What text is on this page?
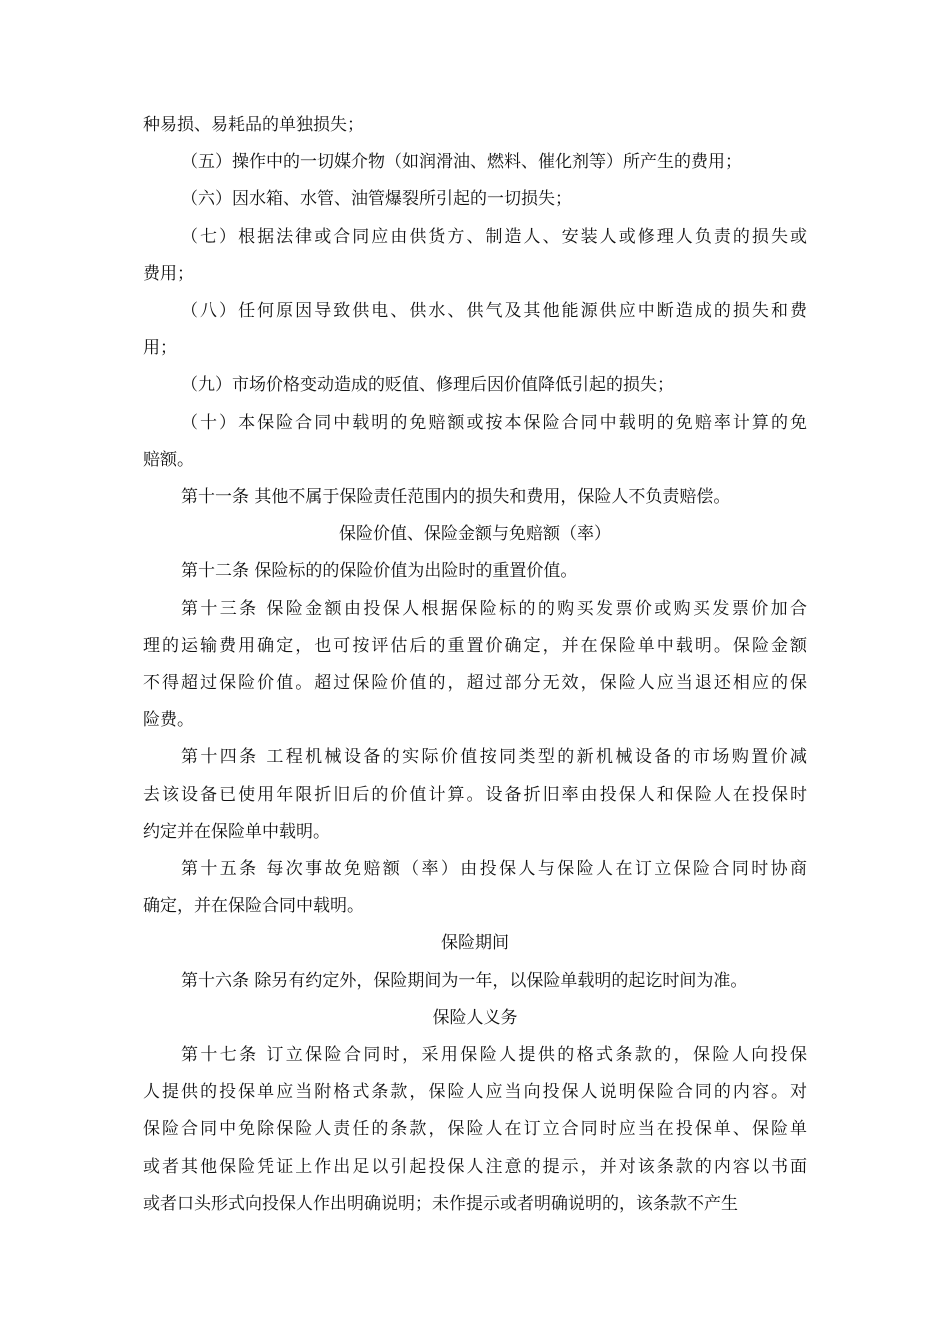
种易损、易耗品的单独损失；
（五）操作中的一切媒介物（如润滑油、燃料、催化剂等）所产生的费用；
（六）因水箱、水管、油管爆裂所引起的一切损失；
（七）根据法律或合同应由供货方、制造人、安装人或修理人负责的损失或
费用；
（八）任何原因导致供电、供水、供气及其他能源供应中断造成的损失和费
用；
（九）市场价格变动造成的贬值、修理后因价值降低引起的损失；
（十）本保险合同中载明的免赔额或按本保险合同中载明的免赔率计算的免
赔额。
第十一条 其他不属于保险责任范围内的损失和费用，保险人不负责赔偿。
保险价值、保险金额与免赔额（率）
第十二条 保险标的的保险价值为出险时的重置价值。
第十三条 保险金额由投保人根据保险标的的购买发票价或购买发票价加合
理的运输费用确定，也可按评估后的重置价确定，并在保险单中载明。保险金额
不得超过保险价值。超过保险价值的，超过部分无效，保险人应当退还相应的保
险费。
第十四条 工程机械设备的实际价值按同类型的新机械设备的市场购置价减
去该设备已使用年限折旧后的价值计算。设备折旧率由投保人和保险人在投保时
约定并在保险单中载明。
第十五条 每次事故免赔额（率）由投保人与保险人在订立保险合同时协商
确定，并在保险合同中载明。
保险期间
第十六条 除另有约定外，保险期间为一年，以保险单载明的起讫时间为准。
保险人义务
第十七条 订立保险合同时，采用保险人提供的格式条款的，保险人向投保
人提供的投保单应当附格式条款，保险人应当向投保人说明保险合同的内容。对
保险合同中免除保险人责任的条款，保险人在订立合同时应当在投保单、保险单
或者其他保险凭证上作出足以引起投保人注意的提示，并对该条款的内容以书面
或者口头形式向投保人作出明确说明；未作提示或者明确说明的，该条款不产生
